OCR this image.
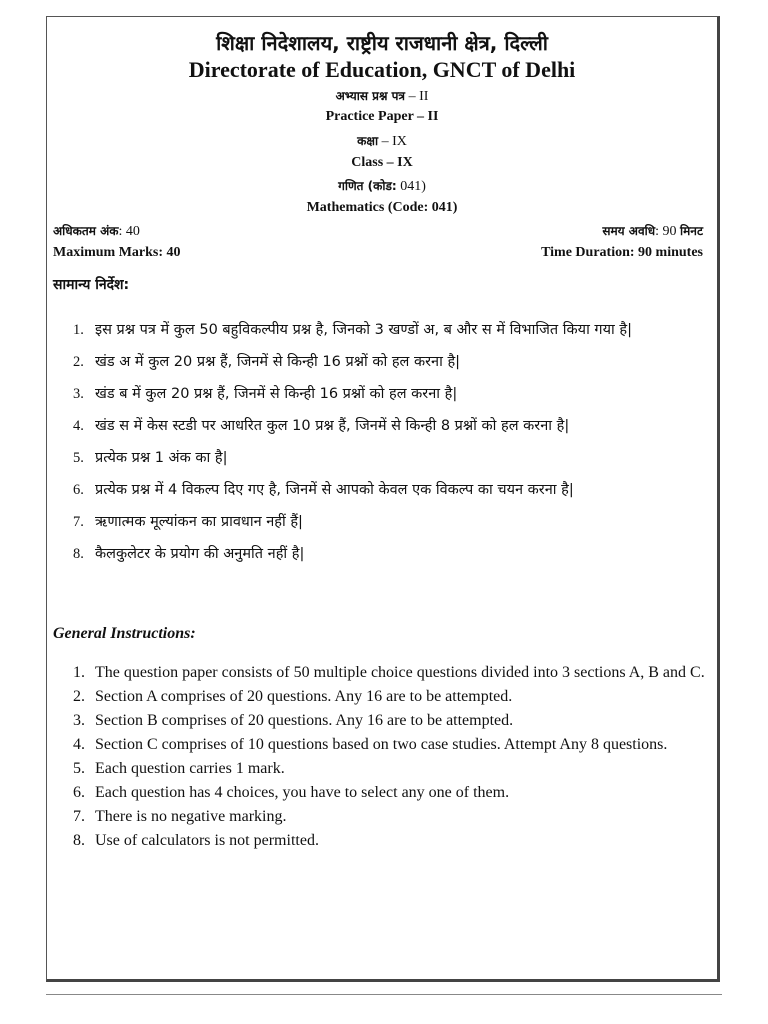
शिक्षा निदेशालय, राष्ट्रीय राजधानी क्षेत्र, दिल्ली
Directorate of Education, GNCT of Delhi
अभ्यास प्रश्न पत्र – II
Practice Paper – II
कक्षा – IX
Class – IX
गणित (कोड: 041)
Mathematics (Code: 041)
अधिकतम अंक: 40	समय अवधि: 90 मिनट
Maximum Marks: 40	Time Duration: 90 minutes
सामान्य निर्देश:
1. इस प्रश्न पत्र में कुल 50 बहुविकल्पीय प्रश्न है, जिनको 3 खण्डों अ, ब और स में विभाजित किया गया है|
2. खंड अ में कुल 20 प्रश्न हैं, जिनमें से किन्ही 16 प्रश्नों को हल करना है|
3. खंड ब में कुल 20 प्रश्न हैं, जिनमें से किन्ही 16 प्रश्नों को हल करना है|
4. खंड स में केस स्टडी पर आधरित कुल 10 प्रश्न हैं, जिनमें से किन्ही 8 प्रश्नों को हल करना है|
5. प्रत्येक प्रश्न 1 अंक का है|
6. प्रत्येक प्रश्न में 4 विकल्प दिए गए है, जिनमें से आपको केवल एक विकल्प का चयन करना है|
7. ऋणात्मक मूल्यांकन का प्रावधान नहीं हैं|
8. कैलकुलेटर के प्रयोग की अनुमति नहीं है|
General Instructions:
1. The question paper consists of 50 multiple choice questions divided into 3 sections A, B and C.
2. Section A comprises of 20 questions. Any 16 are to be attempted.
3. Section B comprises of 20 questions. Any 16 are to be attempted.
4. Section C comprises of 10 questions based on two case studies. Attempt Any 8 questions.
5. Each question carries 1 mark.
6. Each question has 4 choices, you have to select any one of them.
7. There is no negative marking.
8. Use of calculators is not permitted.
